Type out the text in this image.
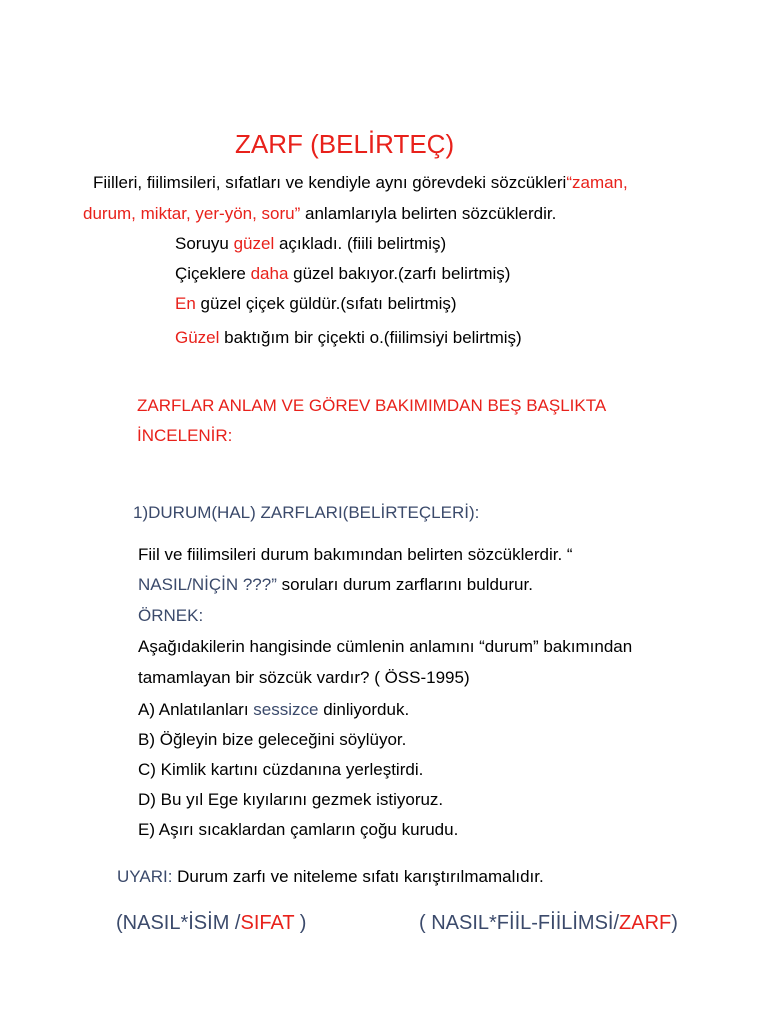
ZARF (BELİRTEÇ)
Fiilleri, fiilimsileri, sıfatları ve kendiyle aynı görevdeki sözcükleri“zaman,
durum, miktar, yer-yön, soru” anlamlarıyla belirten sözcüklerdir.
Soruyu güzel açıkladı. (fiili belirtmiş)
Çiçeklere daha güzel bakıyor.(zarfı belirtmiş)
En güzel çiçek güldür.(sıfatı belirtmiş)
Güzel baktığım bir çiçekti o.(fiilimsiyi belirtmiş)
ZARFLAR ANLAM VE GÖREV BAKIMIMDAN BEŞ BAŞLIKTA
İNCELENİR:
1)DURUM(HAL) ZARFLARI(BELİRTEÇLERİ):
Fiil ve fiilimsileri durum bakımından belirten sözcüklerdir. “
NASIL/NİÇİN ???” soruları durum zarflarını buldurur.
ÖRNEK:
Aşağıdakilerin hangisinde cümlenin anlamını “durum” bakımından
tamamlayan bir sözcük vardır? ( ÖSS-1995)
A) Anlatılanları sessizce dinliyorduk.
B) Öğleyin bize geleceğini söylüyor.
C) Kimlik kartını cüzdanına yerleştirdi.
D) Bu yıl Ege kıyılarını gezmek istiyoruz.
E) Aşırı sıcaklardan çamların çoğu kurudu.
UYARI: Durum zarfı ve niteleme sıfatı karıştırılmamalıdır.
(NASIL*İSİM /SIFAT )	( NASIL*FİİL-FİİLİMSİ/ZARF)
